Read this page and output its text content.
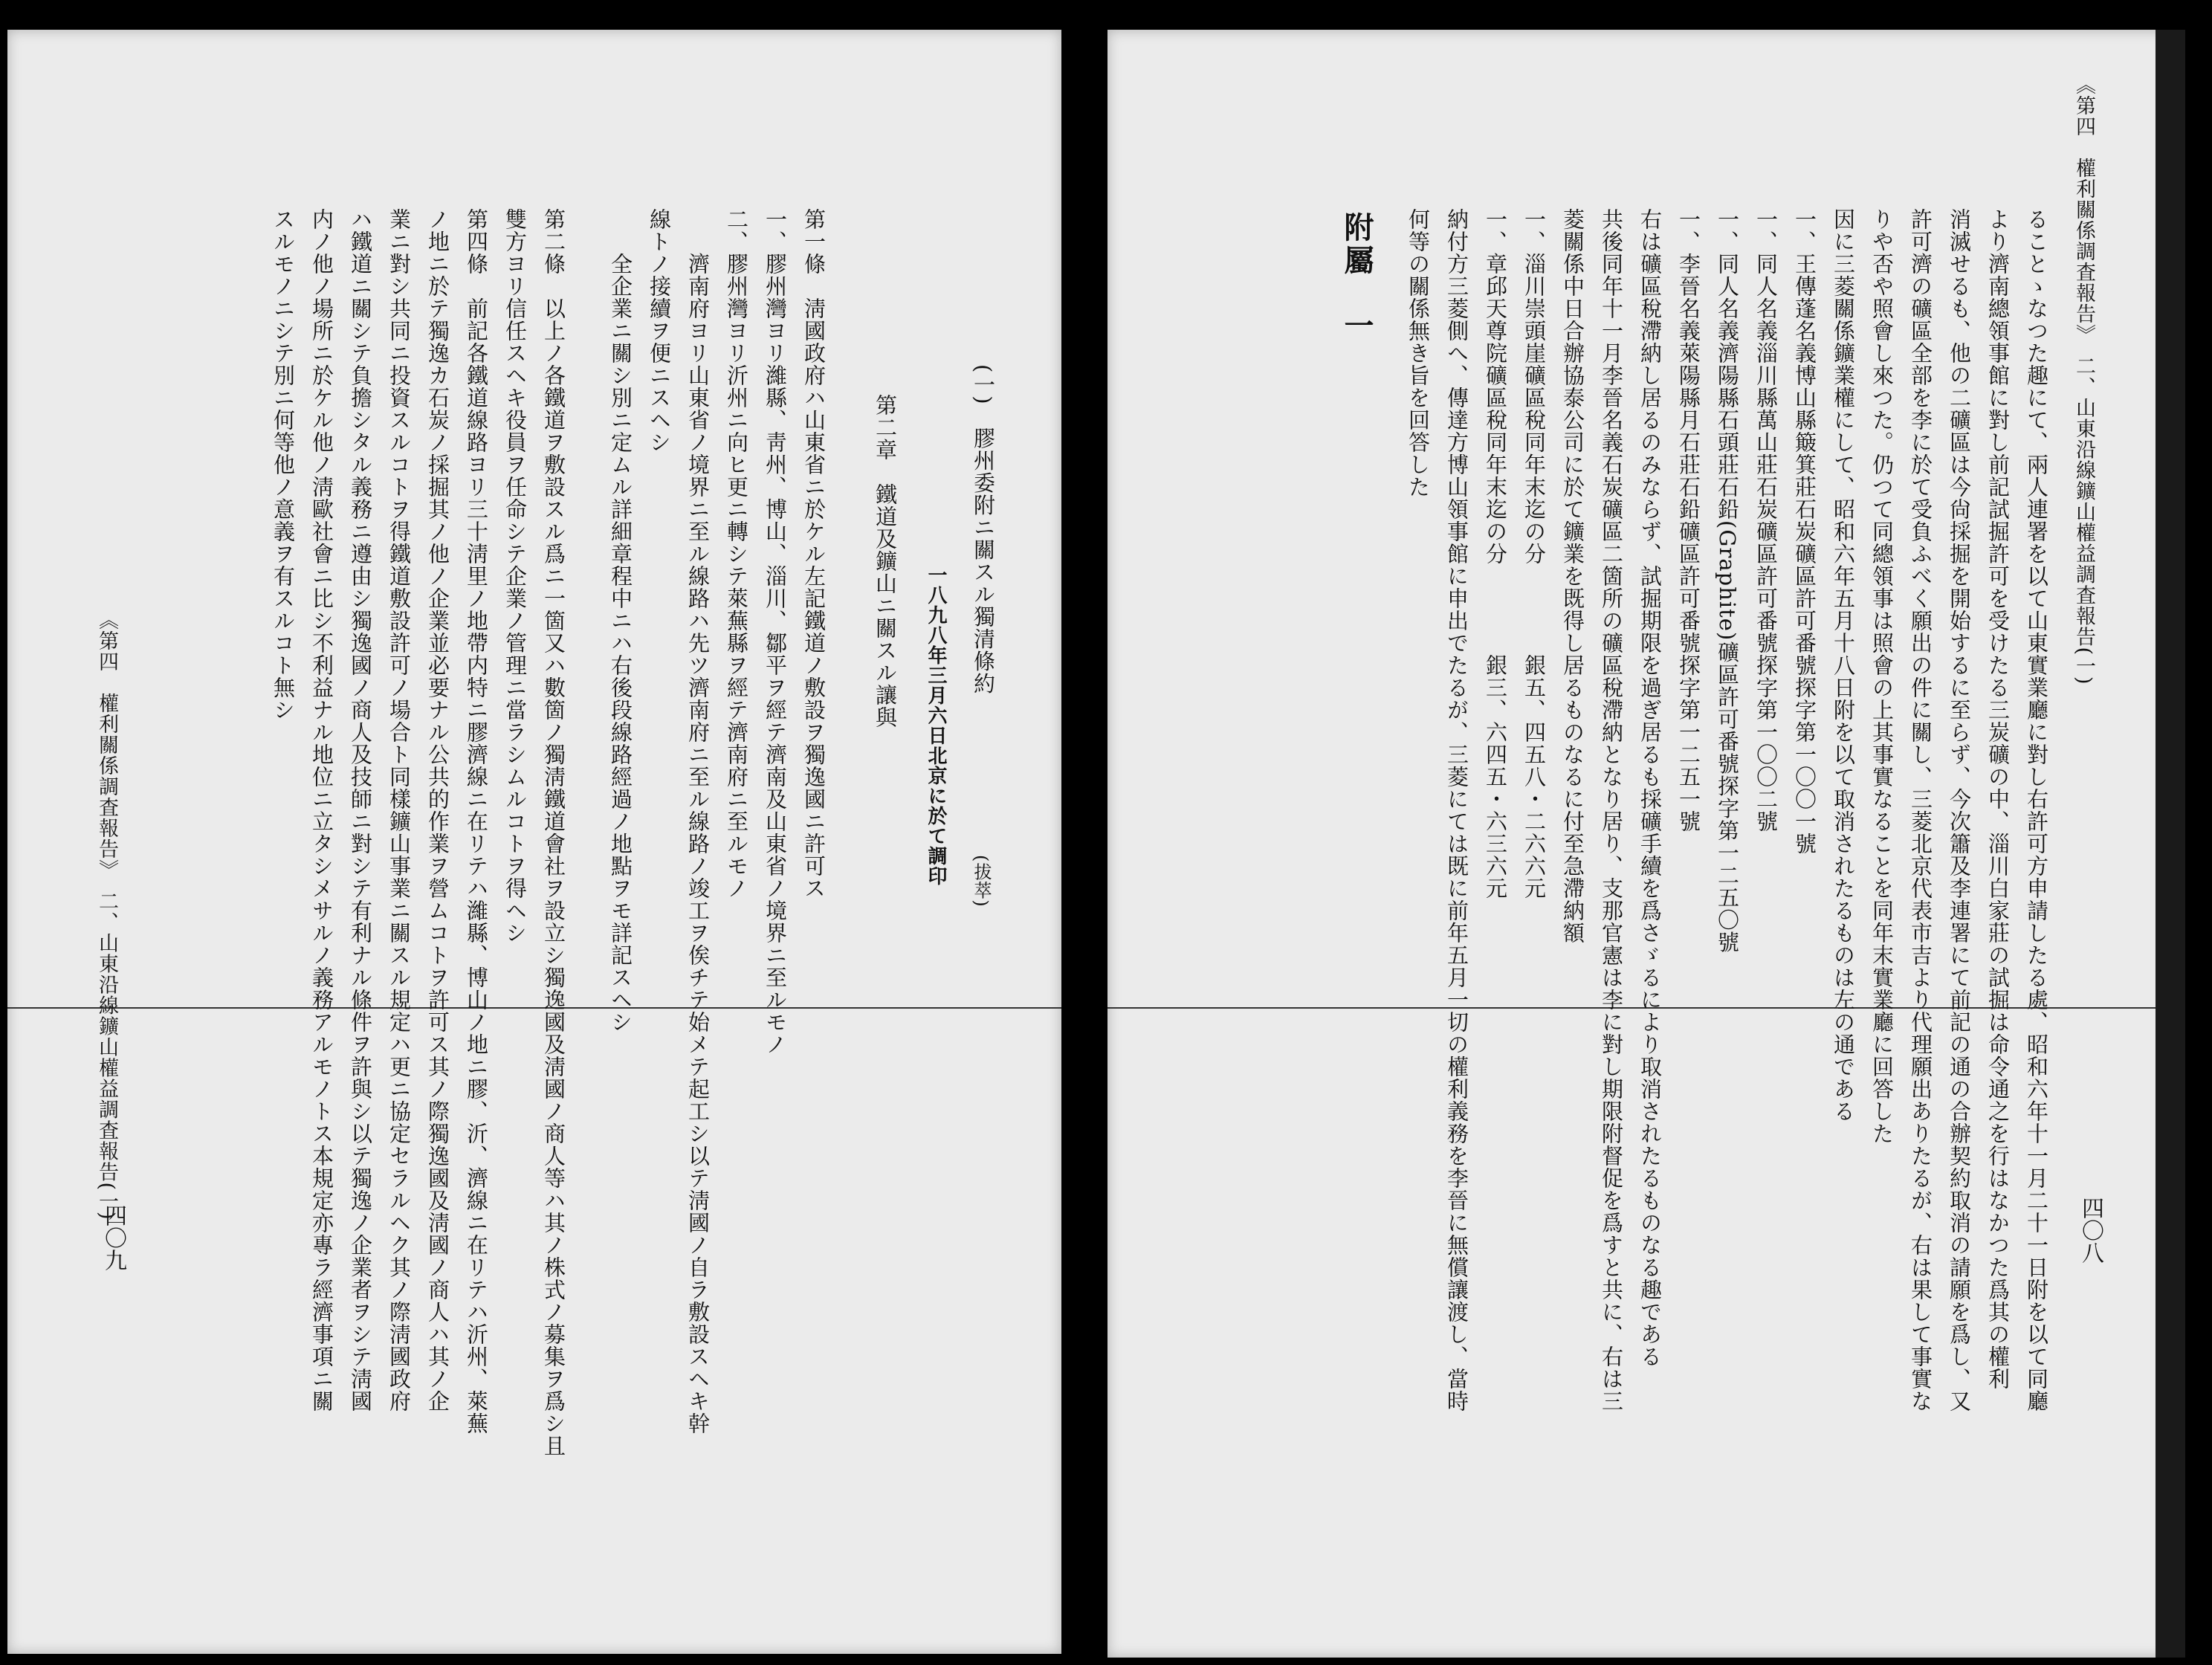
四〇九
《第四　權利關係調査報告》　二、山東沿線鑛山權益調査報告(一)
(一)　膠州委附ニ關スル獨清條約
(拔萃)
一八九八年三月六日北京に於て調印
第二章　鐵道及鑛山ニ關スル讓與
第一條　淸國政府ハ山東省ニ於ケル左記鐵道ノ敷設ヲ獨逸國ニ許可ス
一、膠州灣ヨリ濰縣、靑州、博山、淄川、鄒平ヲ經テ濟南及山東省ノ境界ニ至ルモノ
二、膠州灣ヨリ沂州ニ向ヒ更ニ轉シテ萊蕪縣ヲ經テ濟南府ニ至ルモノ
濟南府ヨリ山東省ノ境界ニ至ル線路ハ先ツ濟南府ニ至ル線路ノ竣工ヲ俟チテ始メテ起工シ以テ淸國ノ自ラ敷設スヘキ幹
線トノ接續ヲ便ニスヘシ
全企業ニ關シ別ニ定ムル詳細章程中ニハ右後段線路經過ノ地點ヲモ詳記スヘシ
第二條　以上ノ各鐵道ヲ敷設スル爲ニ一箇又ハ數箇ノ獨淸鐵道會社ヲ設立シ獨逸國及淸國ノ商人等ハ其ノ株式ノ募集ヲ爲シ且
雙方ヨリ信任スヘキ役員ヲ任命シテ企業ノ管理ニ當ラシムルコトヲ得ヘシ
第四條　前記各鐵道線路ヨリ三十淸里ノ地帶内特ニ膠濟線ニ在リテハ濰縣、博山ノ地ニ膠、沂、濟線ニ在リテハ沂州、萊蕪
ノ地ニ於テ獨逸カ石炭ノ採掘其ノ他ノ企業並必要ナル公共的作業ヲ營ムコトヲ許可ス其ノ際獨逸國及淸國ノ商人ハ其ノ企
業ニ對シ共同ニ投資スルコトヲ得鐵道敷設許可ノ場合ト同樣鑛山事業ニ關スル規定ハ更ニ協定セラルヘク其ノ際淸國政府
ハ鐵道ニ關シテ負擔シタル義務ニ遵由シ獨逸國ノ商人及技師ニ對シテ有利ナル條件ヲ許與シ以テ獨逸ノ企業者ヲシテ淸國
内ノ他ノ場所ニ於ケル他ノ淸歐社會ニ比シ不利益ナル地位ニ立タシメサルノ義務アルモノトス本規定亦專ラ經濟事項ニ關
スルモノニシテ別ニ何等他ノ意義ヲ有スルコト無シ	《第四　權利關係調査報告》　二、山東沿線鑛山權益調査報告(一)
四〇八
ることゝなつた趣にて、兩人連署を以て山東實業廳に對し右許可方申請したる處、昭和六年十一月二十一日附を以て同廳
より濟南總領事館に對し前記試掘許可を受けたる三炭礦の中、淄川白家莊の試掘は命令通之を行はなかつた爲其の權利
消滅せるも、他の二礦區は今尙採掘を開始するに至らず、今次簫及李連署にて前記の通の合辦契約取消の請願を爲し、又
許可濟の礦區全部を李に於て受負ふべく願出の件に關し、三菱北京代表市吉より代理願出ありたるが、右は果して事實な
りや否や照會し來つた。仍つて同總領事は照會の上其事實なることを同年末實業廳に回答した
因に三菱關係鑛業權にして、昭和六年五月十八日附を以て取消されたるものは左の通である
一、王傳蓬名義博山縣簸箕莊石炭礦區許可番號探字第一〇〇一號
一、同人名義淄川縣萬山莊石炭礦區許可番號探字第一〇〇二號
一、同人名義濟陽縣石頭莊石鉛(Graphite)礦區許可番號探字第一二五〇號
一、李晉名義萊陽縣月石莊石鉛礦區許可番號探字第一二五一號
右は礦區稅滯納し居るのみならず、試掘期限を過ぎ居るも採礦手續を爲さゞるにより取消されたるものなる趣である
共後同年十一月李晉名義石炭礦區二箇所の礦區稅滯納となり居り、支那官憲は李に對し期限附督促を爲すと共に、右は三
菱關係中日合辦協泰公司に於て鑛業を既得し居るものなるに付至急滯納額
一、淄川崇頭崖礦區稅同年末迄の分　　　　銀五、四五八・二六六元
一、章邱天尊院礦區稅同年末迄の分　　　　銀三、六四五・六三六元
納付方三菱側へ、傳達方博山領事館に申出でたるが、三菱にては既に前年五月一切の權利義務を李晉に無償讓渡し、當時
何等の關係無き旨を回答した
附屬　一
